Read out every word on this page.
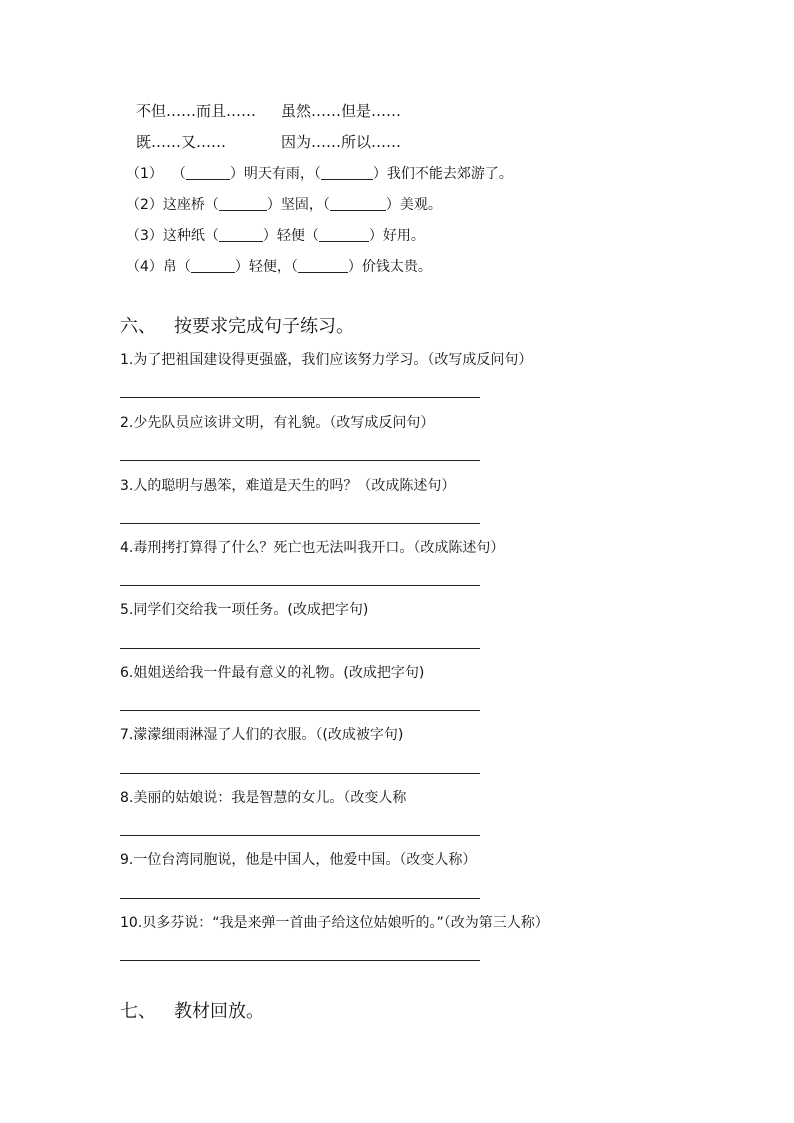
不但……而且…… 虽然……但是……
既……又……	因为……所以……
（1） （	）明天有雨，（	）我们不能去郊游了。
（2）这座桥（	）坚固，（	）美观。
（3）这种纸（	）轻便（	）好用。
（4）帛（	）轻便，（	）价钱太贵。
六、 按要求完成句子练习。
1.为了把祖国建设得更强盛，我们应该努力学习。（改写成反问句）
2.少先队员应该讲文明，有礼貌。（改写成反问句）
3.人的聪明与愚笨，难道是天生的吗？（改成陈述句）
4.毒刑拷打算得了什么？死亡也无法叫我开口。（改成陈述句）
5.同学们交给我一项任务。(改成把字句)
6.姐姐送给我一件最有意义的礼物。(改成把字句)
7.濛濛细雨淋湿了人们的衣服。（(改成被字句)
8.美丽的姑娘说：我是智慧的女儿。（改变人称
9.一位台湾同胞说，他是中国人，他爱中国。（改变人称）
10.贝多芬说：“我是来弹一首曲子给这位姑娘听的。”（改为第三人称）
七、 教材回放。
